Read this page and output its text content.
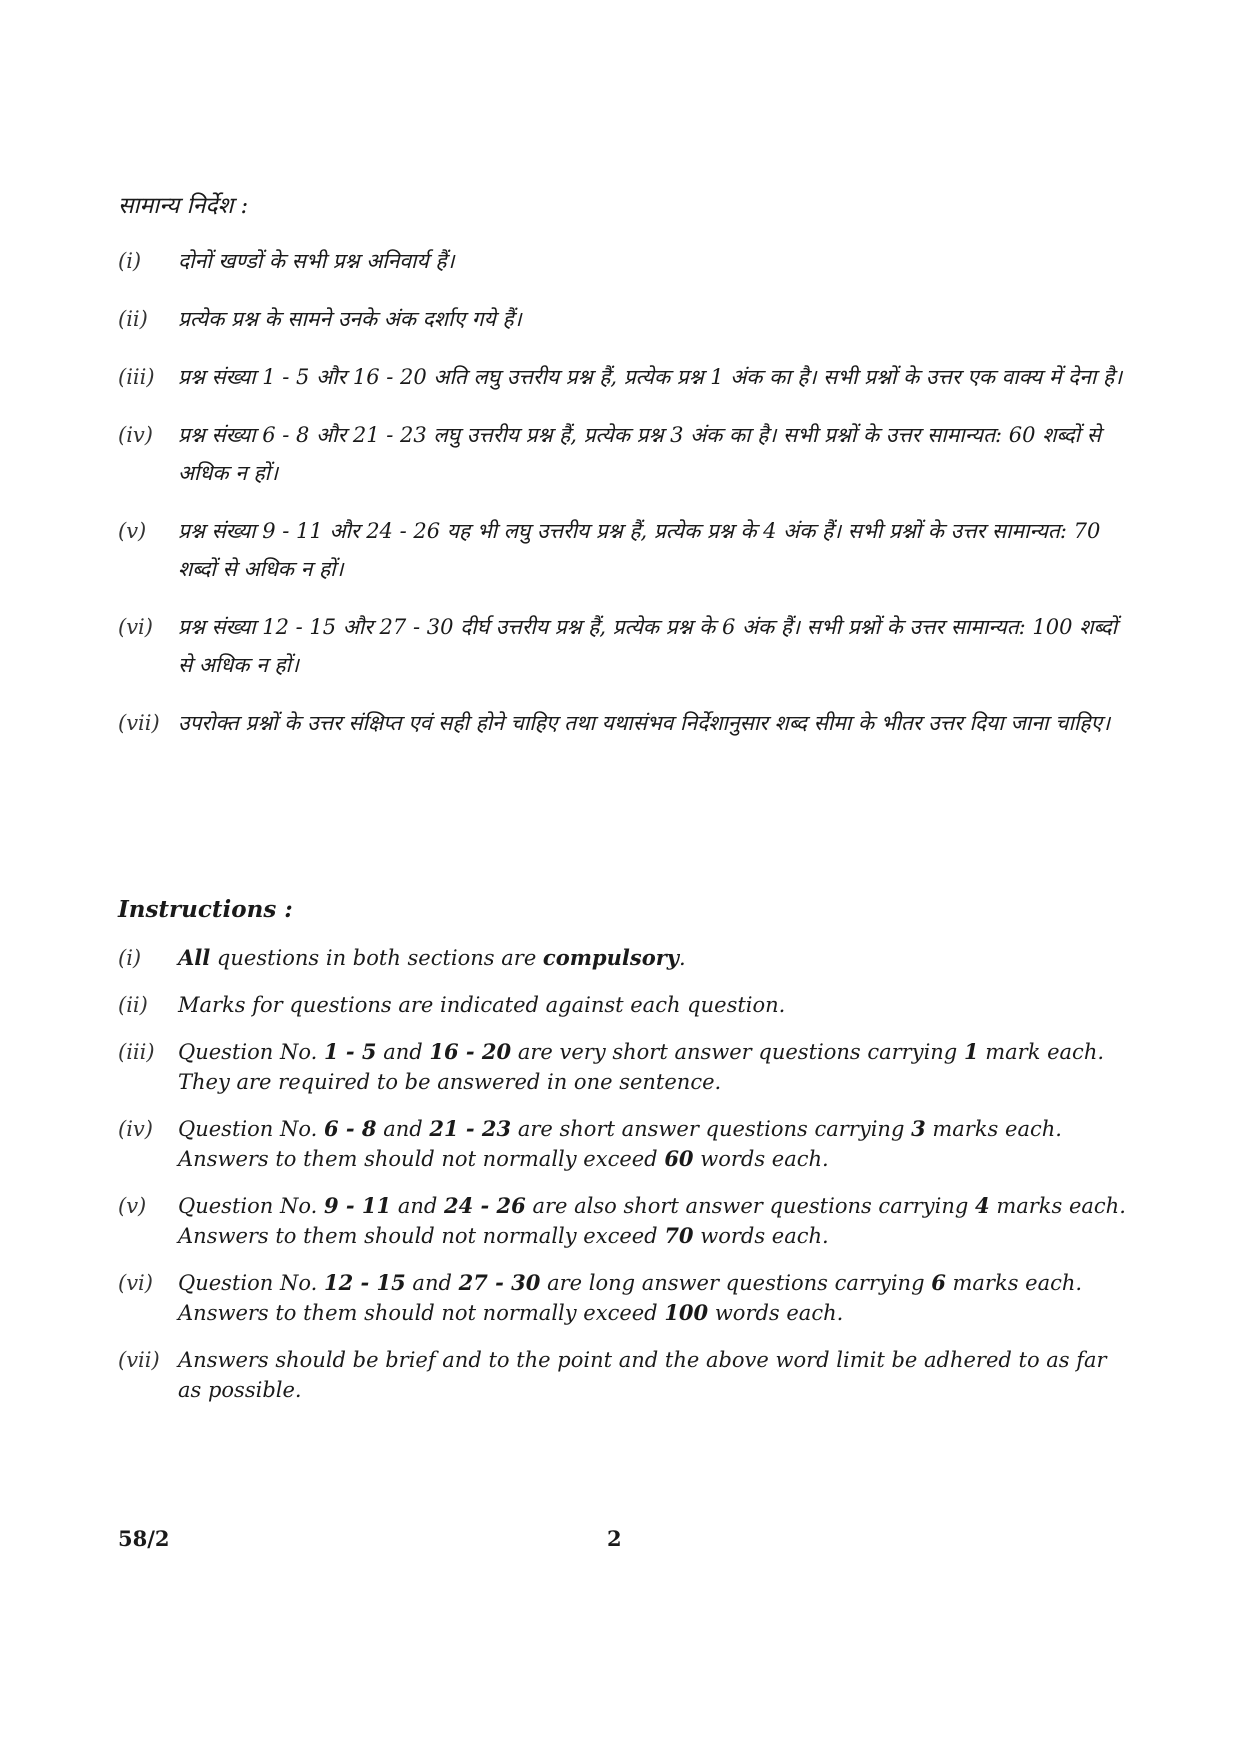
सामान्य निर्देश :
(i)	दोनों खण्डों के सभी प्रश्न अनिवार्य हैं।
(ii)	प्रत्येक प्रश्न के सामने उनके अंक दर्शाए गये हैं।
(iii)	प्रश्न संख्या 1 - 5 और 16 - 20 अति लघु उत्तरीय प्रश्न हैं, प्रत्येक प्रश्न 1 अंक का है। सभी प्रश्नों के उत्तर एक वाक्य में देना है।
(iv)	प्रश्न संख्या 6 - 8 और 21 - 23 लघु उत्तरीय प्रश्न हैं, प्रत्येक प्रश्न 3 अंक का है। सभी प्रश्नों के उत्तर सामान्यत: 60 शब्दों से अधिक न हों।
(v)	प्रश्न संख्या 9 - 11 और 24 - 26 यह भी लघु उत्तरीय प्रश्न हैं, प्रत्येक प्रश्न के 4 अंक हैं। सभी प्रश्नों के उत्तर सामान्यत: 70 शब्दों से अधिक न हों।
(vi)	प्रश्न संख्या 12 - 15 और 27 - 30 दीर्घ उत्तरीय प्रश्न हैं, प्रत्येक प्रश्न के 6 अंक हैं। सभी प्रश्नों के उत्तर सामान्यत: 100 शब्दों से अधिक न हों।
(vii) उपरोक्त प्रश्नों के उत्तर संक्षिप्त एवं सही होने चाहिए तथा यथासंभव निर्देशानुसार शब्द सीमा के भीतर उत्तर दिया जाना चाहिए।
Instructions :
(i)	All questions in both sections are compulsory.
(ii)	Marks for questions are indicated against each question.
(iii)	Question No. 1 - 5 and 16 - 20 are very short answer questions carrying 1 mark each. They are required to be answered in one sentence.
(iv)	Question No. 6 - 8 and 21 - 23 are short answer questions carrying 3 marks each. Answers to them should not normally exceed 60 words each.
(v)	Question No. 9 - 11 and 24 - 26 are also short answer questions carrying 4 marks each. Answers to them should not normally exceed 70 words each.
(vi)	Question No. 12 - 15 and 27 - 30 are long answer questions carrying 6 marks each. Answers to them should not normally exceed 100 words each.
(vii) Answers should be brief and to the point and the above word limit be adhered to as far as possible.
58/2	2
